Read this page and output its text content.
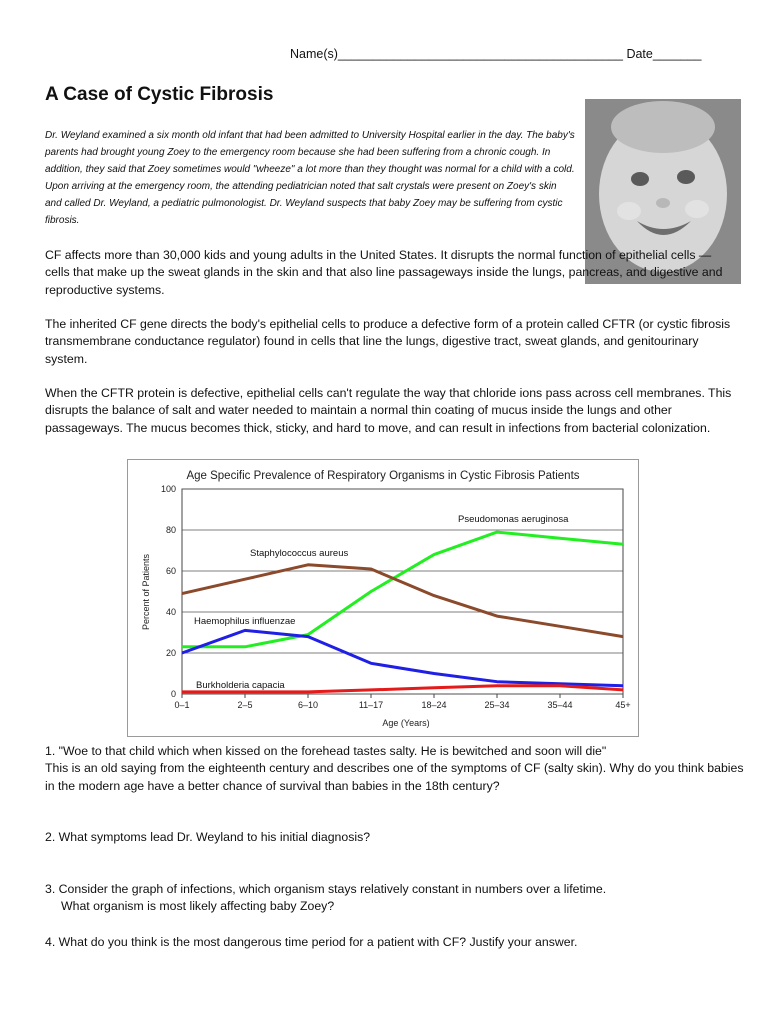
Name(s)_________________________________________ Date_______
A Case of Cystic Fibrosis

Dr. Weyland examined a six month old infant that had been admitted to University Hospital earlier in the day. The baby's parents had brought young Zoey to the emergency room because she had been suffering from a chronic cough. In addition, they said that Zoey sometimes would "wheeze" a lot more than they thought was normal for a child with a cold. Upon arriving at the emergency room, the attending pediatrician noted that salt crystals were present on Zoey's skin and called Dr. Weyland, a pediatric pulmonologist. Dr. Weyland suspects that baby Zoey may be suffering from cystic fibrosis.

CF affects more than 30,000 kids and young adults in the United States. It disrupts the normal function of epithelial cells — cells that make up the sweat glands in the skin and that also line passageways inside the lungs, pancreas, and digestive and reproductive systems.

The inherited CF gene directs the body's epithelial cells to produce a defective form of a protein called CFTR (or cystic fibrosis transmembrane conductance regulator) found in cells that line the lungs, digestive tract, sweat glands, and genitourinary system.

When the CFTR protein is defective, epithelial cells can't regulate the way that chloride ions pass across cell membranes. This disrupts the balance of salt and water needed to maintain a normal thin coating of mucus inside the lungs and other passageways. The mucus becomes thick, sticky, and hard to move, and can result in infections from bacterial colonization.

Age Specific Prevalence of Respiratory Organisms in Cystic Fibrosis Patients
0
20
40
60
80
100
0–1	2–5	6–10	11–17	18–24	25–34	35–44	45+
Pseudomonas aeruginosa
Staphylococcus aureus
Haemophilus influenzae
Burkholderia capacia
Percent of Patients
Age (Years)
1. "Woe to that child which when kissed on the forehead tastes salty. He is bewitched and soon will die"
This is an old saying from the eighteenth century and describes one of the symptoms of CF (salty skin). Why do you think babies in the modern age have a better chance of survival than babies in the 18th century?
2. What symptoms lead Dr. Weyland to his initial diagnosis?
3. Consider the graph of infections, which organism stays relatively constant in numbers over a lifetime.
What organism is most likely affecting baby Zoey?
4. What do you think is the most dangerous time period for a patient with CF? Justify your answer.
